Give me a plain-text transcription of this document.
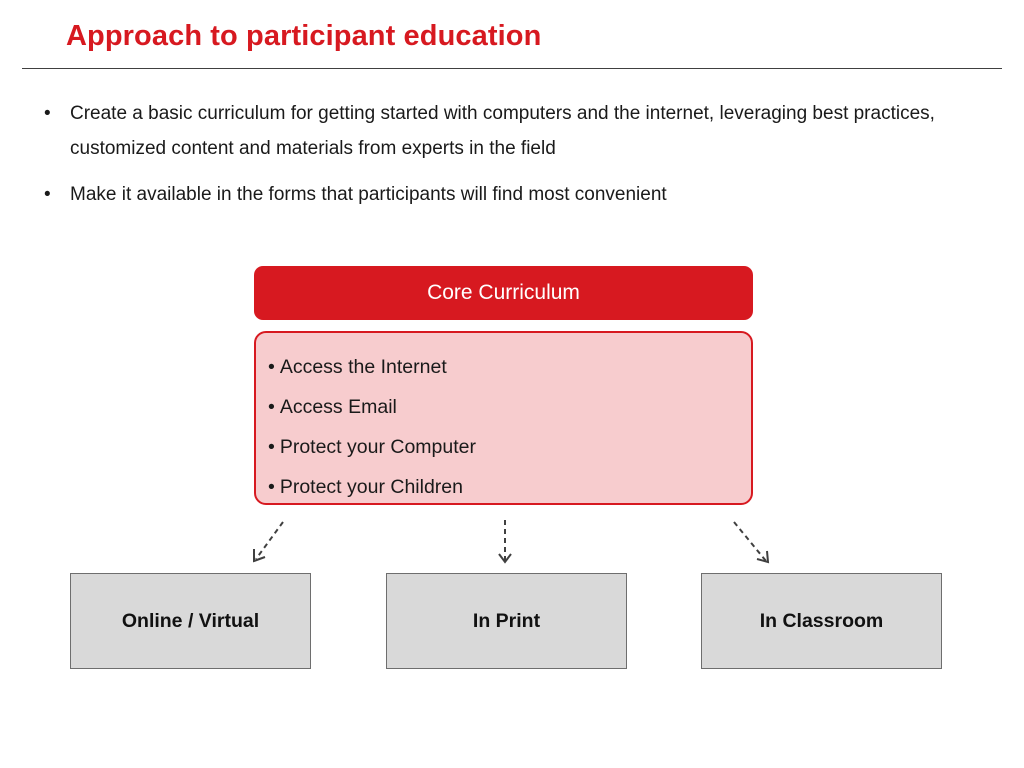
Approach to participant education
• Create a basic curriculum for getting started with computers and the internet, leveraging best practices, customized content and materials from experts in the field
• Make it available in the forms that participants will find most convenient
Core Curriculum
• Access the Internet
• Access Email
• Protect your Computer
• Protect your Children
Online / Virtual	In Print	In Classroom
